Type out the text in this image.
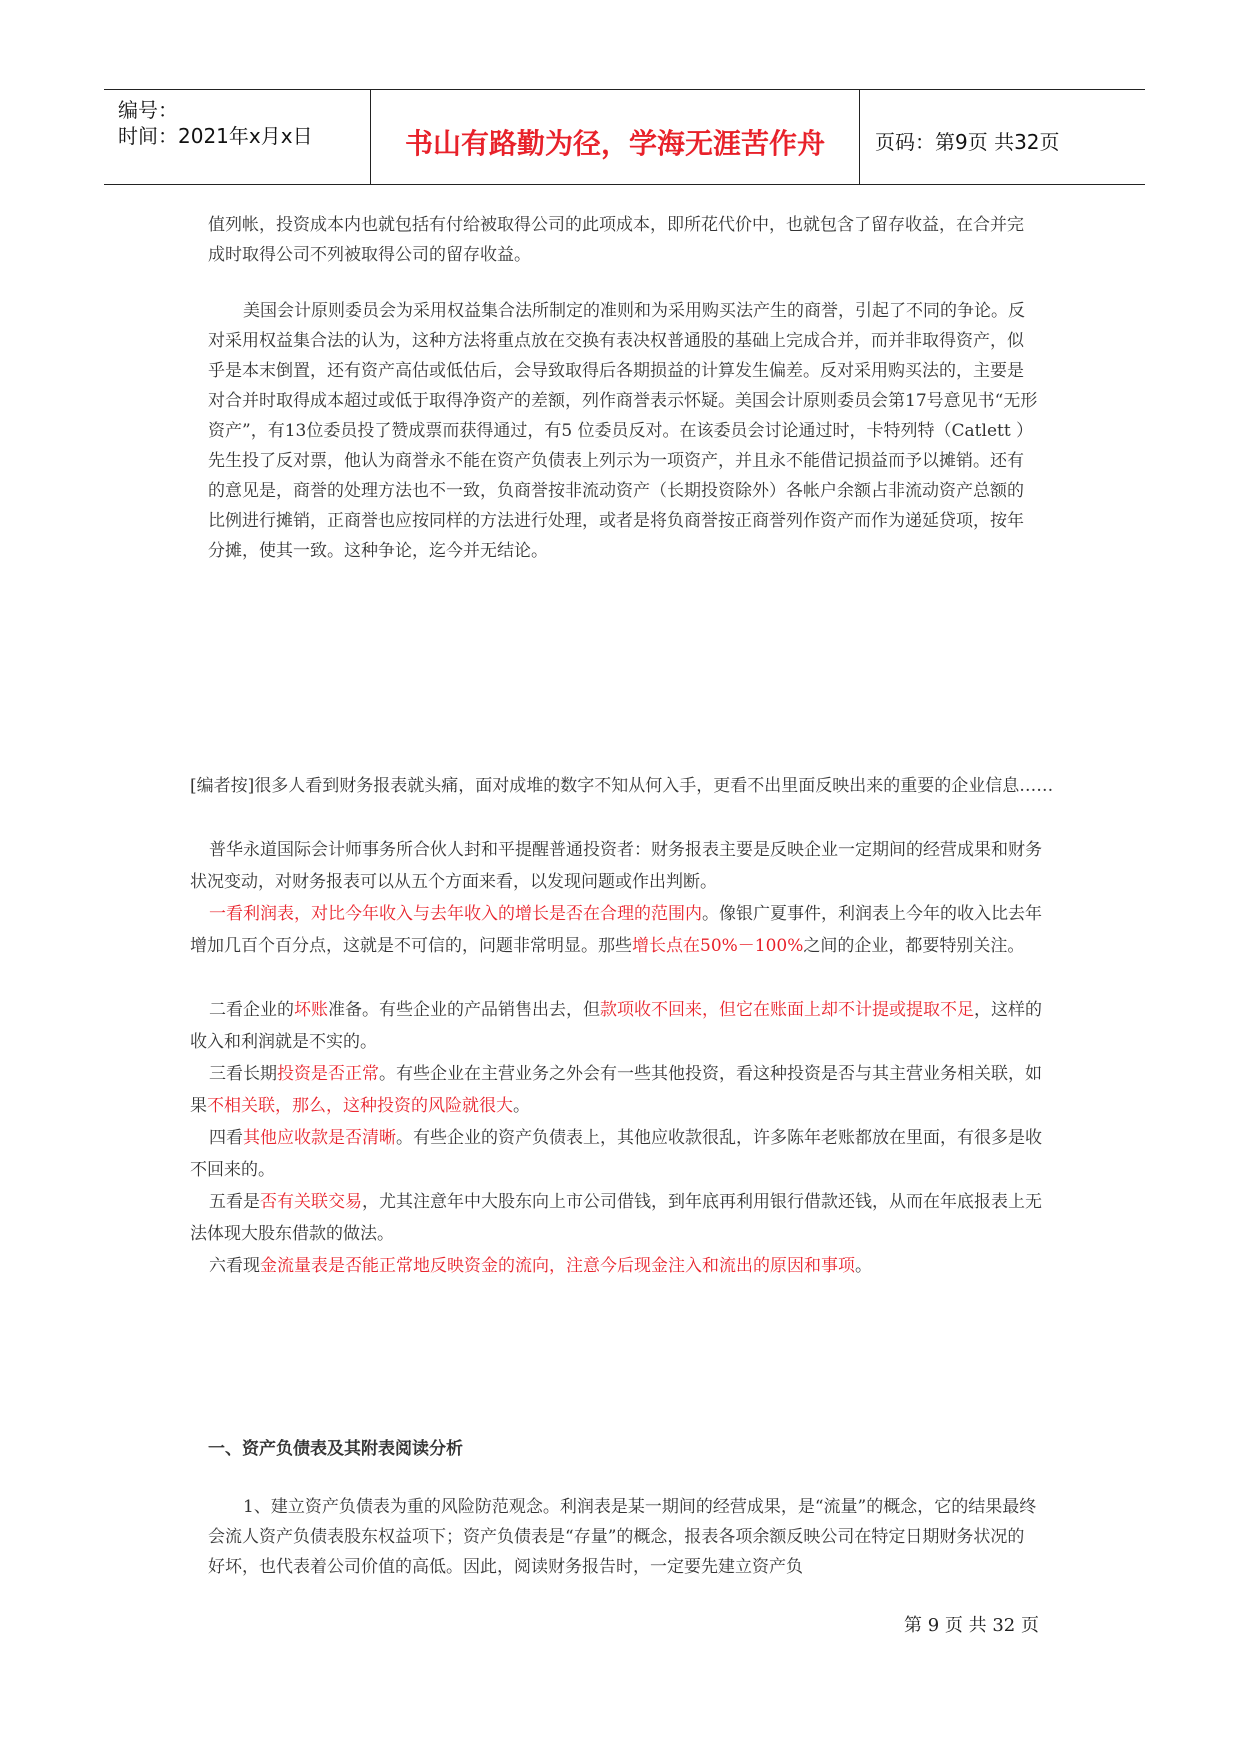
编号：
时间：2021年x月x日	书山有路勤为径，学海无涯苦作舟	页码：第9页 共32页

值列帐，投资成本内也就包括有付给被取得公司的此项成本，即所花代价中，也就包含了留存收益，在合并完成时取得公司不列被取得公司的留存收益。

美国会计原则委员会为采用权益集合法所制定的准则和为采用购买法产生的商誉，引起了不同的争论。反对采用权益集合法的认为，这种方法将重点放在交换有表决权普通股的基础上完成合并，而并非取得资产，似乎是本末倒置，还有资产高估或低估后，会导致取得后各期损益的计算发生偏差。反对采用购买法的，主要是对合并时取得成本超过或低于取得净资产的差额，列作商誉表示怀疑。美国会计原则委员会第17号意见书“无形资产”，有13位委员投了赞成票而获得通过，有5 位委员反对。在该委员会讨论通过时，卡特列特（Catlett ）先生投了反对票，他认为商誉永不能在资产负债表上列示为一项资产，并且永不能借记损益而予以摊销。还有的意见是，商誉的处理方法也不一致，负商誉按非流动资产（长期投资除外）各帐户余额占非流动资产总额的比例进行摊销，正商誉也应按同样的方法进行处理，或者是将负商誉按正商誉列作资产而作为递延贷项，按年分摊，使其一致。这种争论，迄今并无结论。

[编者按]很多人看到财务报表就头痛，面对成堆的数字不知从何入手，更看不出里面反映出来的重要的企业信息……

普华永道国际会计师事务所合伙人封和平提醒普通投资者：财务报表主要是反映企业一定期间的经营成果和财务状况变动，对财务报表可以从五个方面来看，以发现问题或作出判断。

一看利润表，对比今年收入与去年收入的增长是否在合理的范围内。像银广夏事件，利润表上今年的收入比去年增加几百个百分点，这就是不可信的，问题非常明显。那些增长点在50%－100%之间的企业，都要特别关注。

二看企业的坏账准备。有些企业的产品销售出去，但款项收不回来，但它在账面上却不计提或提取不足，这样的收入和利润就是不实的。

三看长期投资是否正常。有些企业在主营业务之外会有一些其他投资，看这种投资是否与其主营业务相关联，如果不相关联，那么，这种投资的风险就很大。

四看其他应收款是否清晰。有些企业的资产负债表上，其他应收款很乱，许多陈年老账都放在里面，有很多是收不回来的。

五看是否有关联交易，尤其注意年中大股东向上市公司借钱，到年底再利用银行借款还钱，从而在年底报表上无法体现大股东借款的做法。

六看现金流量表是否能正常地反映资金的流向，注意今后现金注入和流出的原因和事项。

一、资产负债表及其附表阅读分析

1、建立资产负债表为重的风险防范观念。利润表是某一期间的经营成果，是“流量”的概念，它的结果最终会流人资产负债表股东权益项下；资产负债表是“存量”的概念，报表各项余额反映公司在特定日期财务状况的好坏，也代表着公司价值的高低。因此，阅读财务报告时，一定要先建立资产负

第 9 页 共 32 页
